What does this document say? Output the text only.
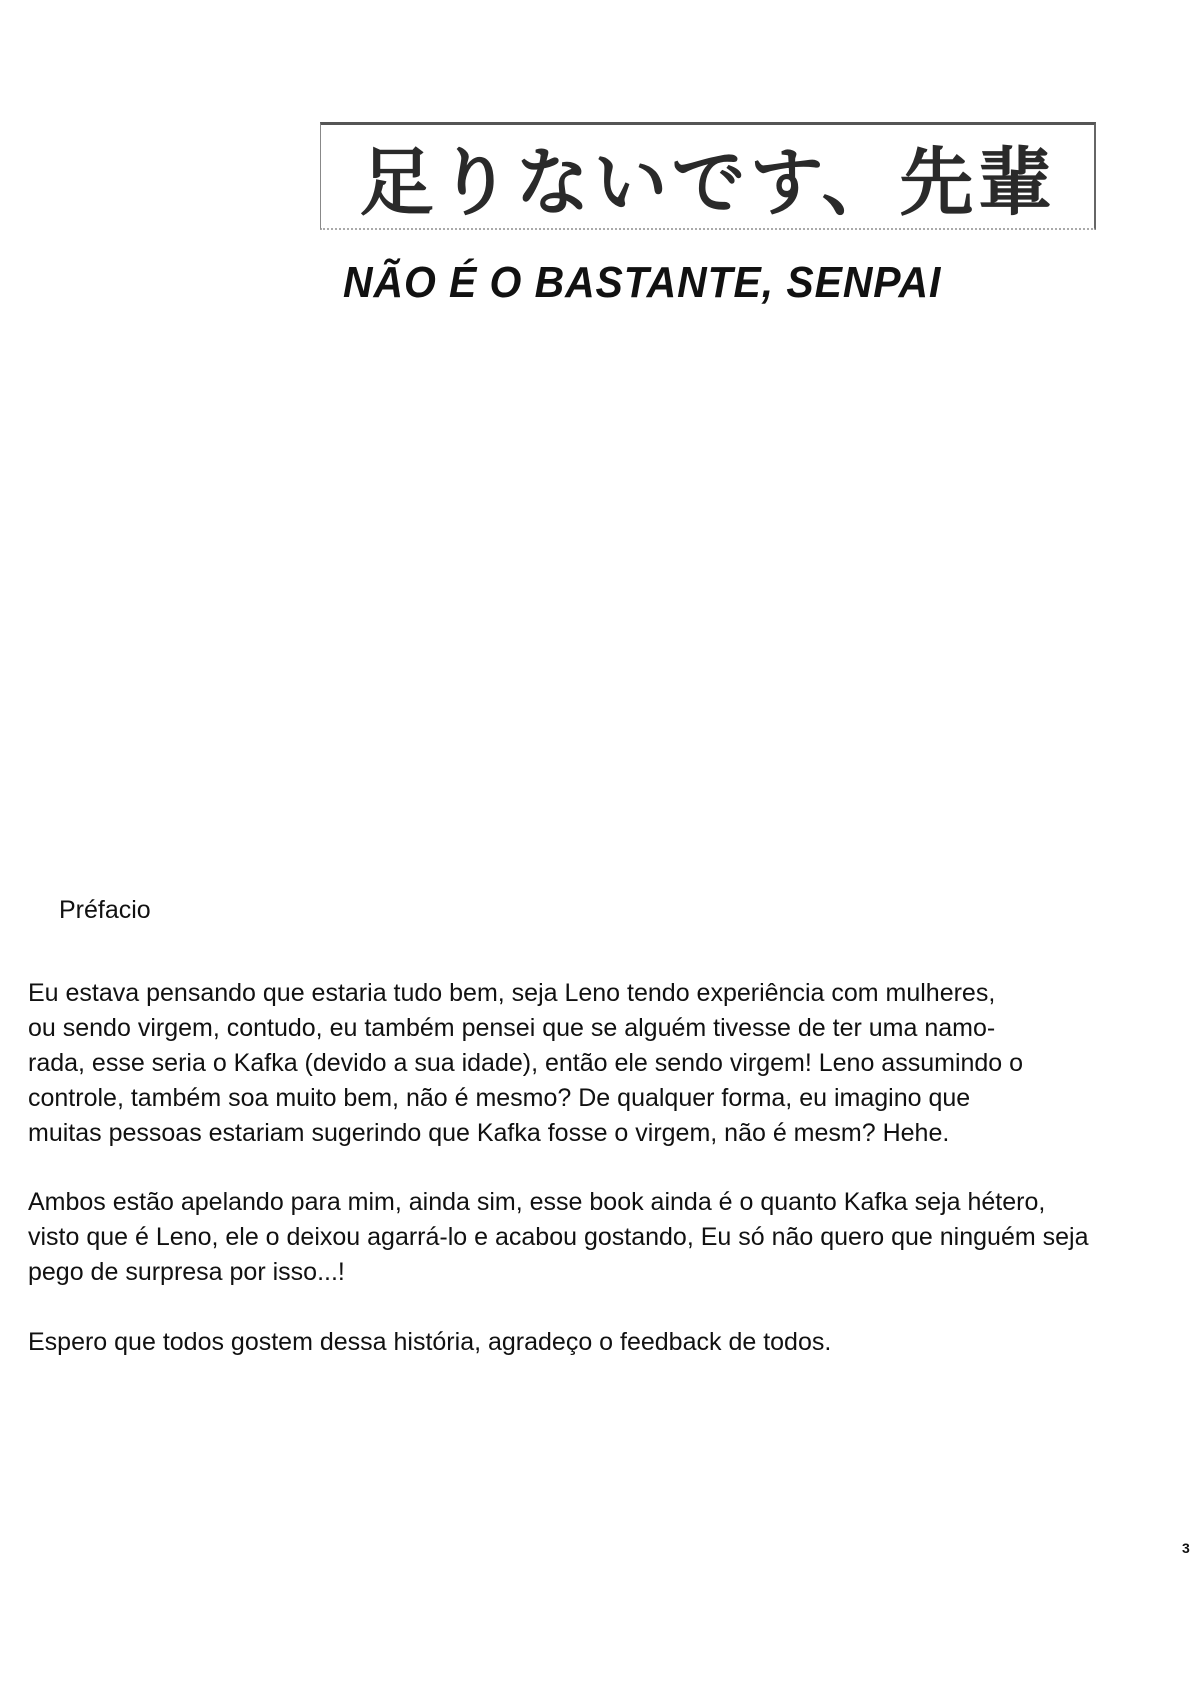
足りないです、先輩
NÃO É O BASTANTE, SENPAI
Préfacio
Eu estava pensando que estaria tudo bem, seja Leno tendo experiência com mulheres,
ou sendo virgem, contudo, eu também pensei que se alguém tivesse de ter uma namo-
rada, esse seria o Kafka (devido a sua idade), então ele sendo virgem! Leno assumindo o
controle, também soa muito bem, não é mesmo? De qualquer forma, eu imagino que
muitas pessoas estariam sugerindo que Kafka fosse o virgem, não é mesm? Hehe.
Ambos estão apelando para mim, ainda sim, esse book ainda é o quanto Kafka seja hétero,
visto que é Leno, ele o deixou agarrá-lo e acabou gostando, Eu só não quero que ninguém seja
pego de surpresa por isso...!
Espero que todos gostem dessa história, agradeço o feedback de todos.
3
